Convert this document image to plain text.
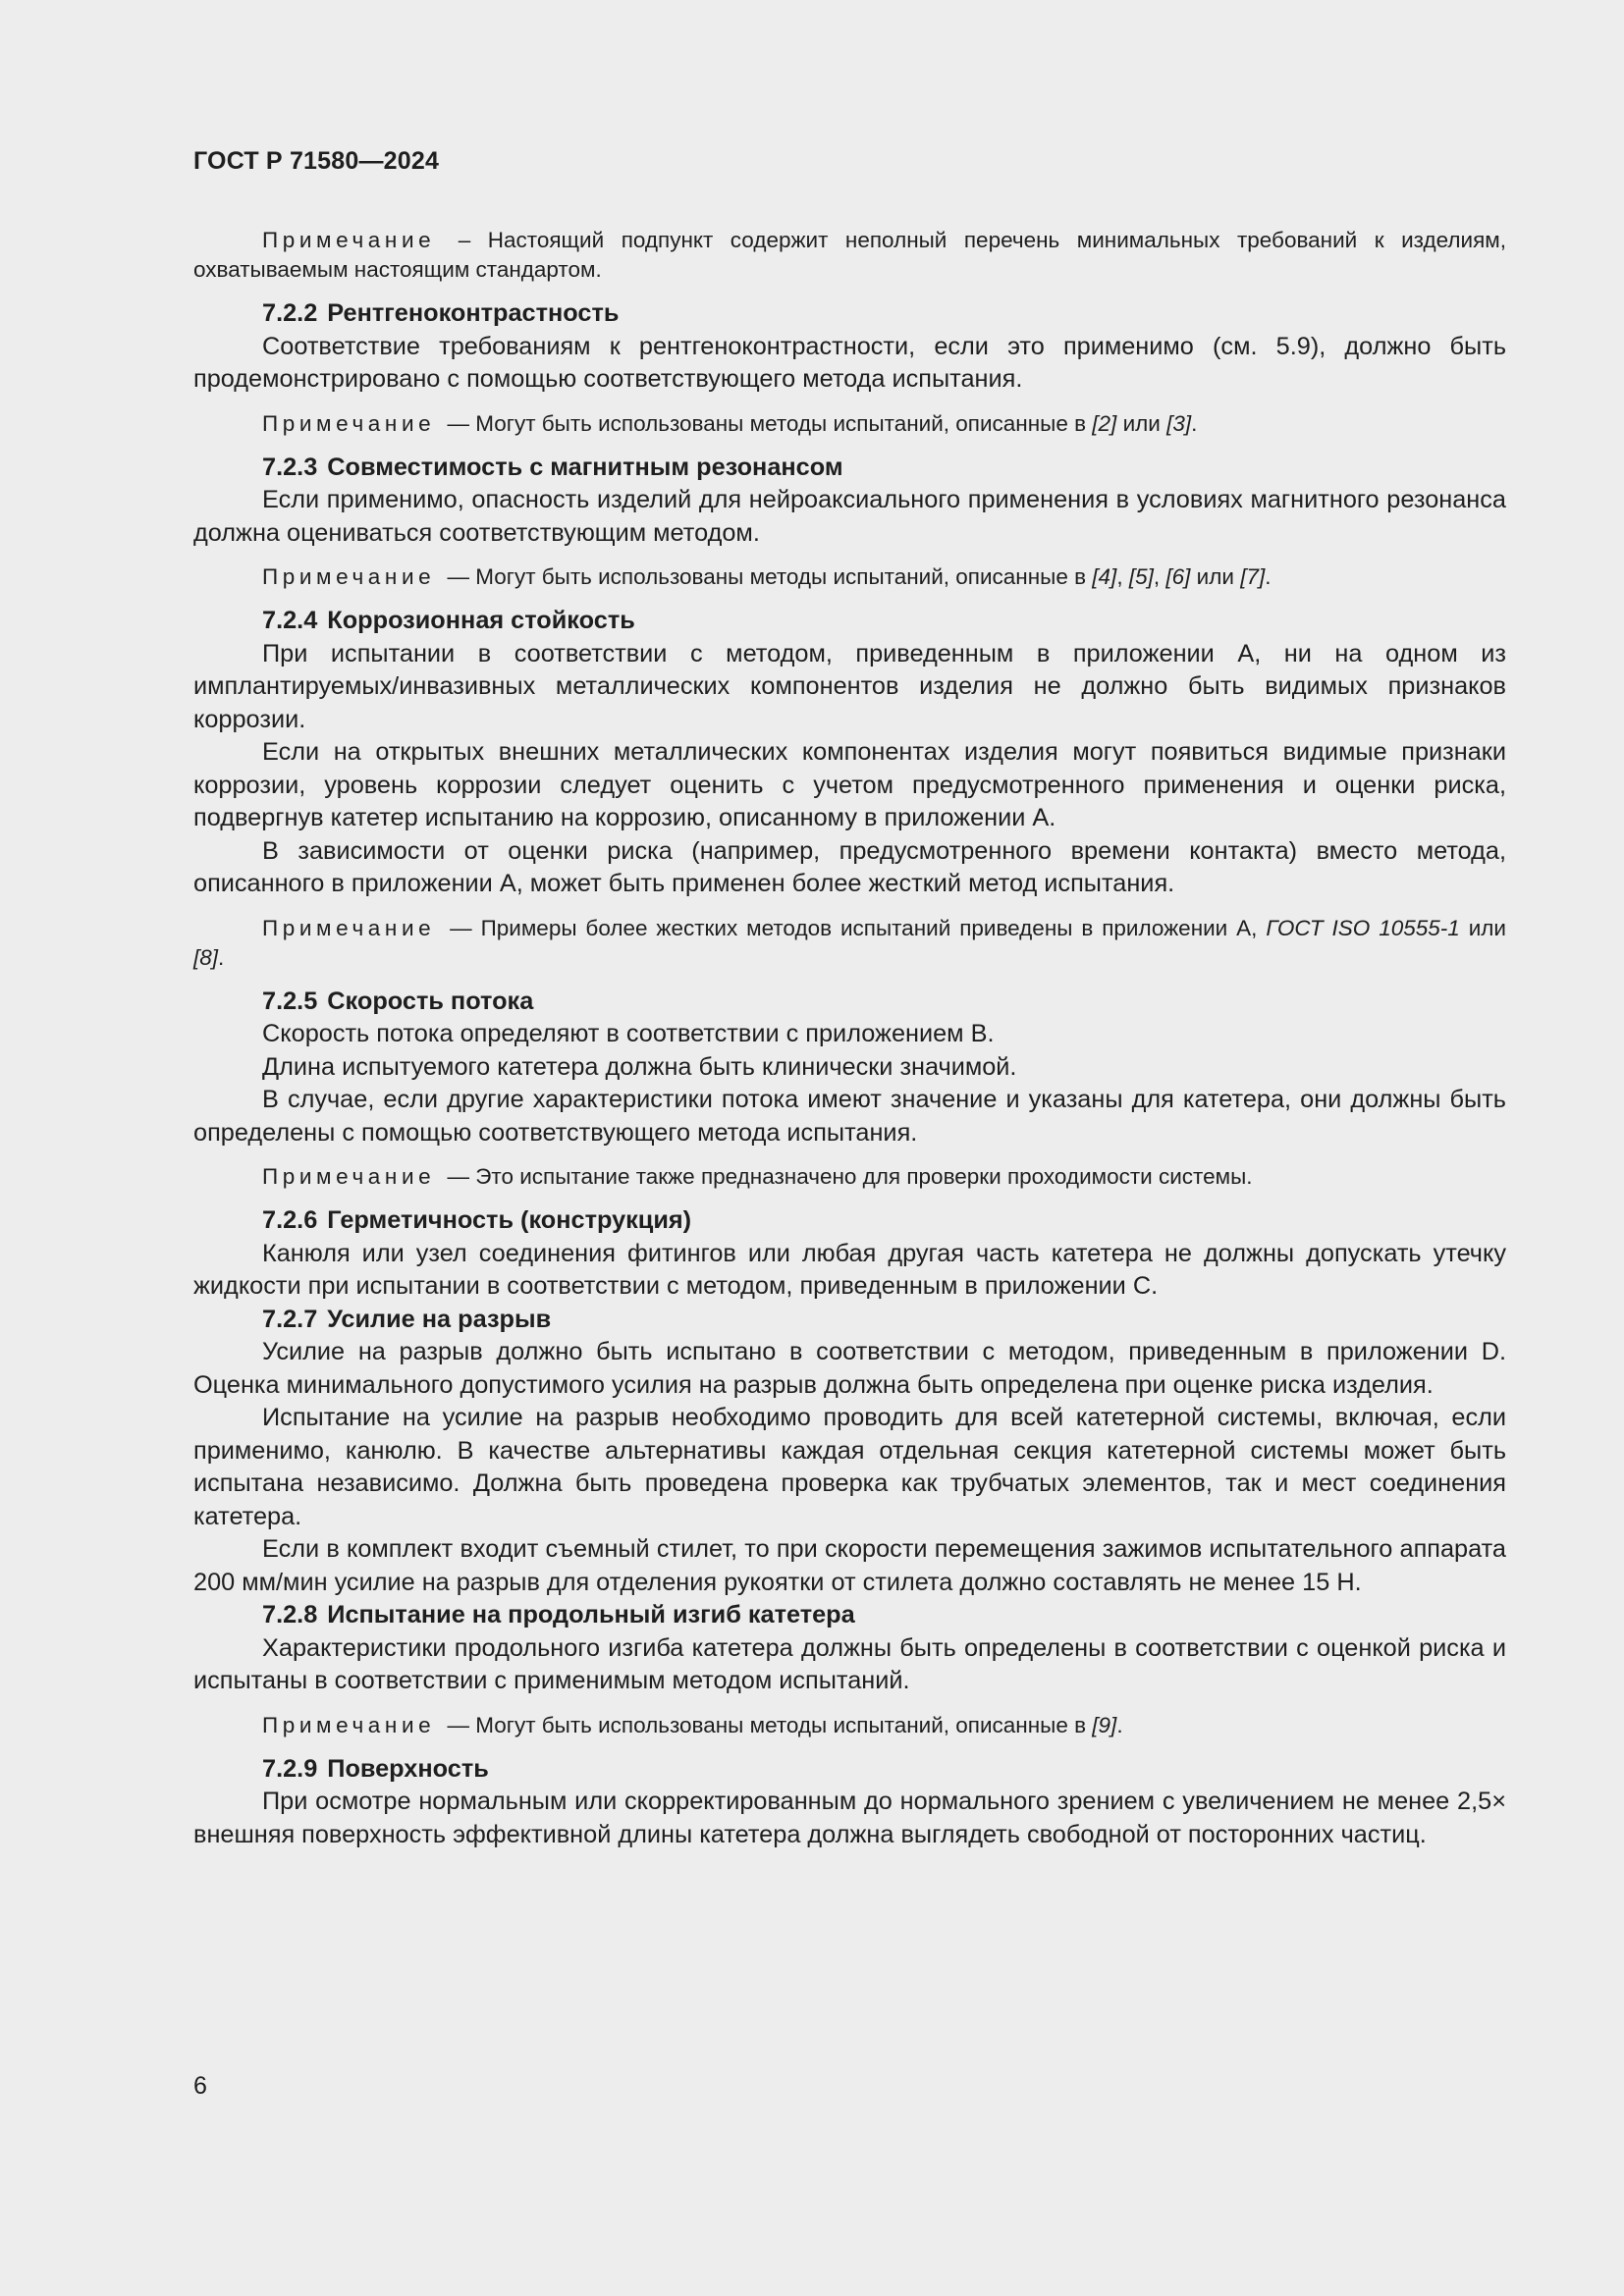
ГОСТ Р 71580—2024
Примечание – Настоящий подпункт содержит неполный перечень минимальных требований к изделиям, охватываемым настоящим стандартом.
7.2.2 Рентгеноконтрастность

Соответствие требованиям к рентгеноконтрастности, если это применимо (см. 5.9), должно быть продемонстрировано с помощью соответствующего метода испытания.

Примечание — Могут быть использованы методы испытаний, описанные в [2] или [3].
7.2.3 Совместимость с магнитным резонансом

Если применимо, опасность изделий для нейроаксиального применения в условиях магнитного резонанса должна оцениваться соответствующим методом.

Примечание — Могут быть использованы методы испытаний, описанные в [4], [5], [6] или [7].
7.2.4 Коррозионная стойкость

При испытании в соответствии с методом, приведенным в приложении А, ни на одном из имплантируемых/инвазивных металлических компонентов изделия не должно быть видимых признаков коррозии.

Если на открытых внешних металлических компонентах изделия могут появиться видимые признаки коррозии, уровень коррозии следует оценить с учетом предусмотренного применения и оценки риска, подвергнув катетер испытанию на коррозию, описанному в приложении А.

В зависимости от оценки риска (например, предусмотренного времени контакта) вместо метода, описанного в приложении А, может быть применен более жесткий метод испытания.

Примечание — Примеры более жестких методов испытаний приведены в приложении А, ГОСТ ISO 10555-1 или [8].
7.2.5 Скорость потока

Скорость потока определяют в соответствии с приложением В.

Длина испытуемого катетера должна быть клинически значимой.

В случае, если другие характеристики потока имеют значение и указаны для катетера, они должны быть определены с помощью соответствующего метода испытания.

Примечание — Это испытание также предназначено для проверки проходимости системы.
7.2.6 Герметичность (конструкция)

Канюля или узел соединения фитингов или любая другая часть катетера не должны допускать утечку жидкости при испытании в соответствии с методом, приведенным в приложении С.

7.2.7 Усилие на разрыв

Усилие на разрыв должно быть испытано в соответствии с методом, приведенным в приложении D. Оценка минимального допустимого усилия на разрыв должна быть определена при оценке риска изделия.

Испытание на усилие на разрыв необходимо проводить для всей катетерной системы, включая, если применимо, канюлю. В качестве альтернативы каждая отдельная секция катетерной системы может быть испытана независимо. Должна быть проведена проверка как трубчатых элементов, так и мест соединения катетера.

Если в комплект входит съемный стилет, то при скорости перемещения зажимов испытательного аппарата 200 мм/мин усилие на разрыв для отделения рукоятки от стилета должно составлять не менее 15 Н.

7.2.8 Испытание на продольный изгиб катетера

Характеристики продольного изгиба катетера должны быть определены в соответствии с оценкой риска и испытаны в соответствии с применимым методом испытаний.

Примечание — Могут быть использованы методы испытаний, описанные в [9].
7.2.9 Поверхность

При осмотре нормальным или скорректированным до нормального зрением с увеличением не менее 2,5× внешняя поверхность эффективной длины катетера должна выглядеть свободной от посторонних частиц.

6
